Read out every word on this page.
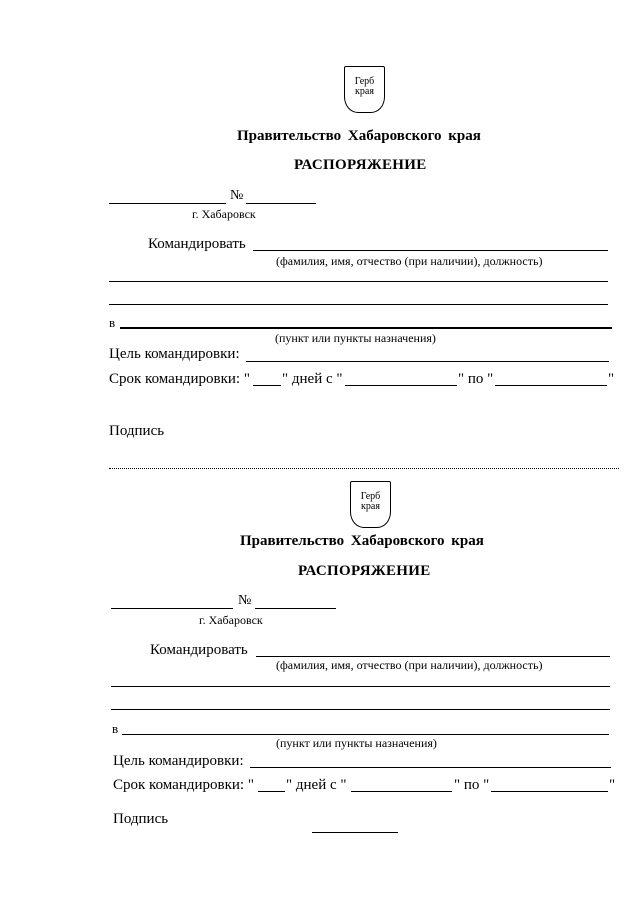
Герб
края
Правительство Хабаровского края
РАСПОРЯЖЕНИЕ
№
г. Хабаровск
Командировать
(фамилия, имя, отчество (при наличии), должность)
в
(пункт или пункты назначения)
Цель командировки:
Срок командировки: " " дней с "	" по "	"
Подпись
Герб
края
Правительство Хабаровского края
РАСПОРЯЖЕНИЕ
№
г. Хабаровск
Командировать
(фамилия, имя, отчество (при наличии), должность)
в
(пункт или пункты назначения)
Цель командировки:
Срок командировки: " " дней с "	" по "	"
Подпись
